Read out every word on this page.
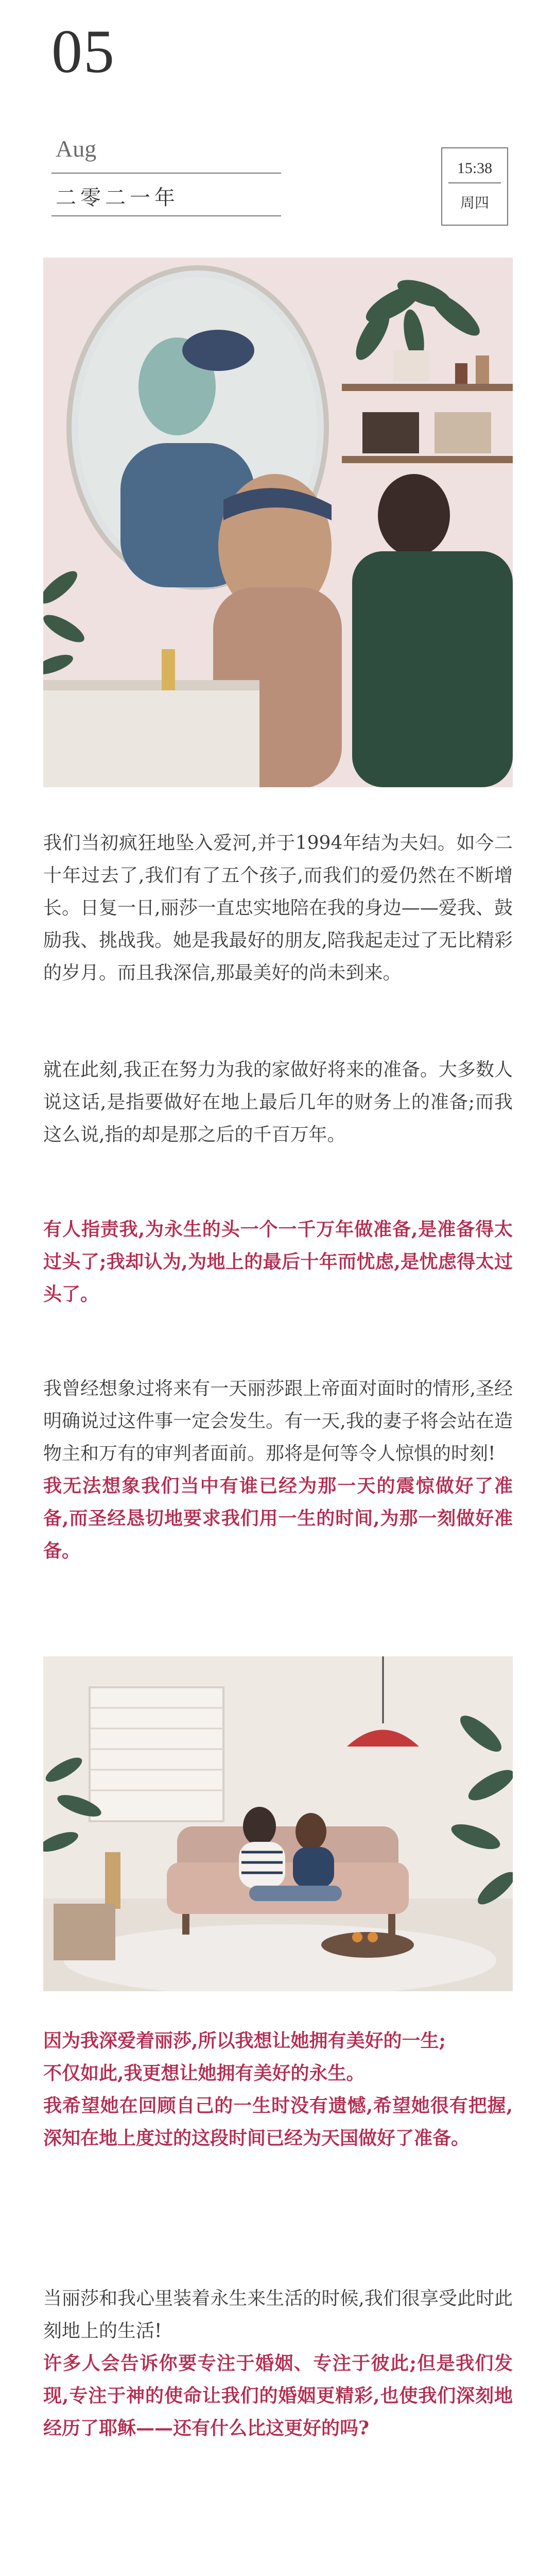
05
Aug
二零二一年
15:38
周四

我们当初疯狂地坠入爱河,并于1994年结为夫妇。如今二十年过去了,我们有了五个孩子,而我们的爱仍然在不断增长。日复一日,丽莎一直忠实地陪在我的身边——爱我、鼓励我、挑战我。她是我最好的朋友,陪我起走过了无比精彩的岁月。而且我深信,那最美好的尚未到来。

就在此刻,我正在努力为我的家做好将来的准备。大多数人说这话,是指要做好在地上最后几年的财务上的准备;而我这么说,指的却是那之后的千百万年。

有人指责我,为永生的头一个一千万年做准备,是准备得太过头了;我却认为,为地上的最后十年而忧虑,是忧虑得太过头了。

我曾经想象过将来有一天丽莎跟上帝面对面时的情形,圣经明确说过这件事一定会发生。有一天,我的妻子将会站在造物主和万有的审判者面前。那将是何等令人惊惧的时刻!

我无法想象我们当中有谁已经为那一天的震惊做好了准备,而圣经恳切地要求我们用一生的时间,为那一刻做好准备。

因为我深爱着丽莎,所以我想让她拥有美好的一生;

不仅如此,我更想让她拥有美好的永生。

我希望她在回顾自己的一生时没有遗憾,希望她很有把握,深知在地上度过的这段时间已经为天国做好了准备。

当丽莎和我心里装着永生来生活的时候,我们很享受此时此刻地上的生活!

许多人会告诉你要专注于婚姻、专注于彼此;但是我们发现,专注于神的使命让我们的婚姻更精彩,也使我们深刻地经历了耶稣——还有什么比这更好的吗?
